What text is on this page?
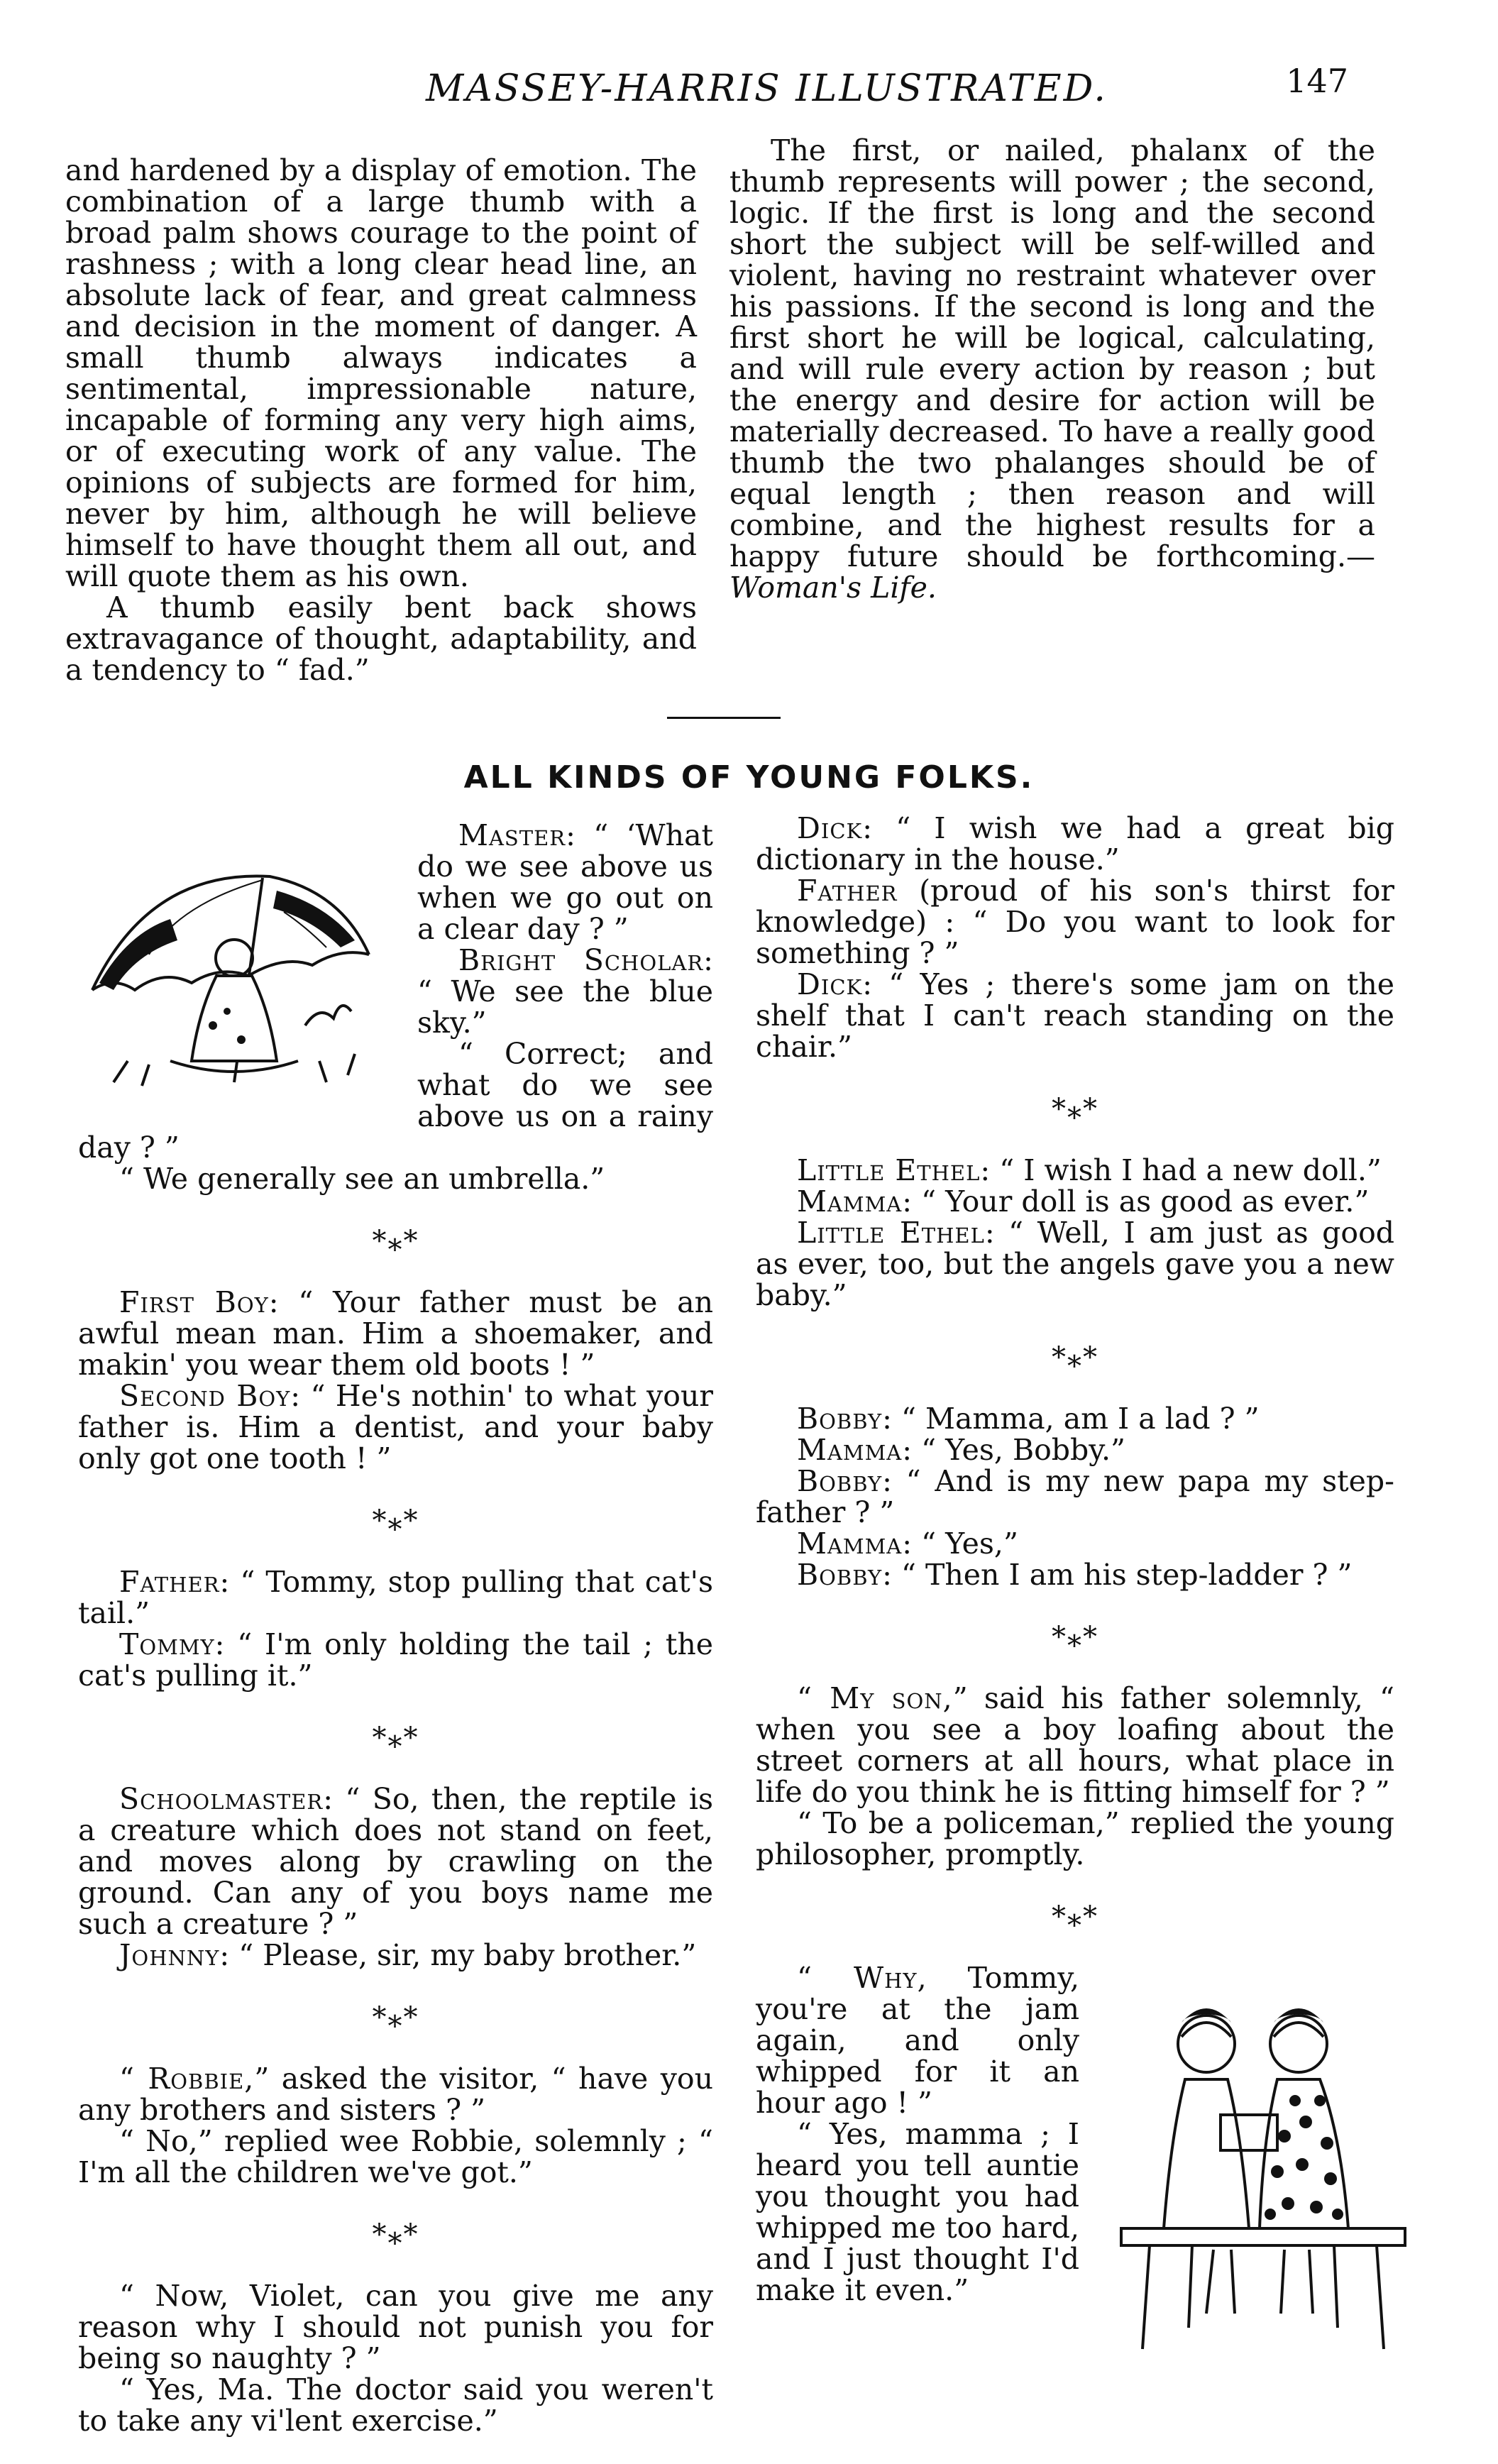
MASSEY-HARRIS ILLUSTRATED.	147

and hardened by a display of emotion. The combination of a large thumb with a broad palm shows courage to the point of rashness ; with a long clear head line, an absolute lack of fear, and great calmness and decision in the moment of danger. A small thumb always indicates a sentimental, impressionable nature, incapable of forming any very high aims, or of executing work of any value. The opinions of subjects are formed for him, never by him, although he will believe himself to have thought them all out, and will quote them as his own.

A thumb easily bent back shows extravagance of thought, adaptability, and a tendency to “ fad.”

The first, or nailed, phalanx of the thumb represents will power ; the second, logic. If the first is long and the second short the subject will be self-willed and violent, having no restraint whatever over his passions. If the second is long and the first short he will be logical, calculating, and will rule every action by reason ; but the energy and desire for action will be materially decreased. To have a really good thumb the two phalanges should be of equal length ; then reason and will combine, and the highest results for a happy future should be forthcoming.—Woman's Life.

ALL KINDS OF YOUNG FOLKS.

Master: “ ‘What do we see above us when we go out on a clear day ? ”

Bright Scholar: “ We see the blue sky.”

“ Correct; and what do we see above us on a rainy day ? ”

“ We generally see an umbrella.”

*⁎*

First Boy: “ Your father must be an awful mean man. Him a shoemaker, and makin' you wear them old boots ! ”

Second Boy: “ He's nothin' to what your father is. Him a dentist, and your baby only got one tooth ! ”

*⁎*

Father: “ Tommy, stop pulling that cat's tail.”

Tommy: “ I'm only holding the tail ; the cat's pulling it.”

*⁎*

Schoolmaster: “ So, then, the reptile is a creature which does not stand on feet, and moves along by crawling on the ground. Can any of you boys name me such a creature ? ”

Johnny: “ Please, sir, my baby brother.”

*⁎*

“ Robbie,” asked the visitor, “ have you any brothers and sisters ? ”

“ No,” replied wee Robbie, solemnly ; “ I'm all the children we've got.”

*⁎*

“ Now, Violet, can you give me any reason why I should not punish you for being so naughty ? ”

“ Yes, Ma. The doctor said you weren't to take any vi'lent exercise.”

Dick: “ I wish we had a great big dictionary in the house.”

Father (proud of his son's thirst for knowledge) : “ Do you want to look for something ? ”

Dick: “ Yes ; there's some jam on the shelf that I can't reach standing on the chair.”

*⁎*

Little Ethel: “ I wish I had a new doll.”

Mamma: “ Your doll is as good as ever.”

Little Ethel: “ Well, I am just as good as ever, too, but the angels gave you a new baby.”

*⁎*

Bobby: “ Mamma, am I a lad ? ”

Mamma: “ Yes, Bobby.”

Bobby: “ And is my new papa my step-father ? ”

Mamma: “ Yes,”

Bobby: “ Then I am his step-ladder ? ”

*⁎*

“ My son,” said his father solemnly, “ when you see a boy loafing about the street corners at all hours, what place in life do you think he is fitting himself for ? ”

“ To be a policeman,” replied the young philosopher, promptly.

*⁎*

“ Why, Tommy, you're at the jam again, and only whipped for it an hour ago ! ”

“ Yes, mamma ; I heard you tell auntie you thought you had whipped me too hard, and I just thought I'd make it even.”
